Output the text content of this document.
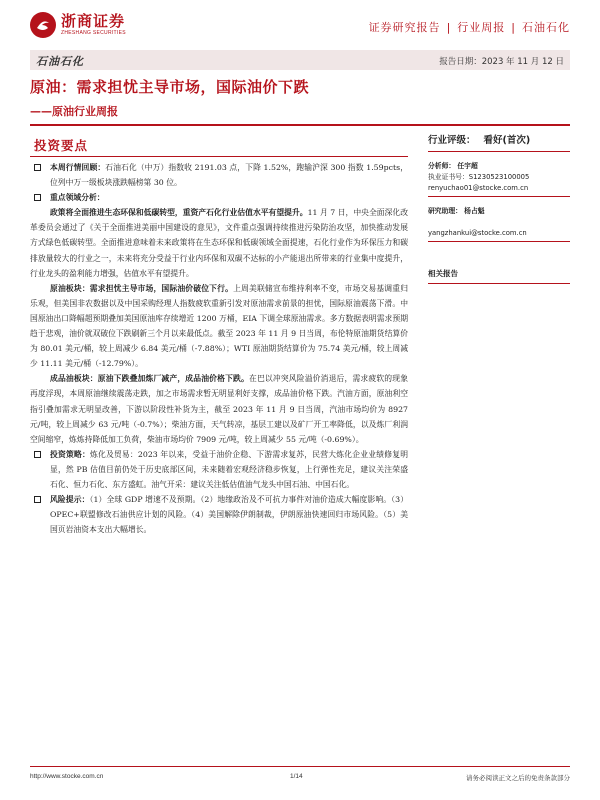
浙商证券
ZHESHANG SECURITIES	证券研究报告 | 行业周报 | 石油石化
石油石化	报告日期：2023 年 11 月 12 日
原油：需求担忧主导市场，国际油价下跌
——原油行业周报
投资要点
本周行情回顾：石油石化（中万）指数收 2191.03 点，下降 1.52%，跑输沪深 300 指数 1.59pcts，位列中万一级板块涨跌幅榜第 30 位。
重点领域分析：
政策将全面推进生态环保和低碳转型，重资产石化行业估值水平有望提升。11 月 7 日，中央全面深化改革委员会通过了《关于全面推进美丽中国建设的意见》，文件重点强调持续推进污染防治攻坚，加快推动发展方式绿色低碳转型。全面推进意味着未来政策将在生态环保和低碳领域全面提速，石化行业作为环保压力和碳排放量较大的行业之一，未来将充分受益于行业内环保和双碳不达标的小产能退出所带来的行业集中度提升，行业龙头的盈利能力增强，估值水平有望提升。
原油板块：需求担忧主导市场，国际油价破位下行。上周美联储宣布维持利率不变，市场交易基调重归乐观，但美国非农数据以及中国采购经理人指数疲软重新引发对原油需求前景的担忧，国际原油震荡下滑。中国原油出口降幅超预期叠加美国原油库存续增近 1200 万桶，EIA 下调全球原油需求。多方数据表明需求预期趋于悲观，油价就双破位下跌刷新三个月以来最低点。截至 2023 年 11 月 9 日当周，布伦特原油期货结算价为 80.01 美元/桶，较上周减少 6.84 美元/桶（-7.88%）；WTI 原油期货结算价为 75.74 美元/桶，较上周减少 11.11 美元/桶（-12.79%）。
成品油板块：原油下跌叠加炼厂减产，成品油价格下跌。在巴以冲突风险溢价消退后，需求疲软的现象再度浮现，本周原油继续震荡走跌，加之市场需求暂无明显利好支撑，成品油价格下跌。汽油方面，原油利空指引叠加需求无明显改善，下游以阶段性补货为主，截至 2023 年 11 月 9 日当周，汽油市场均价为 8927 元/吨，较上周减少 63 元/吨（-0.7%）；柴油方面，天气转凉，基层工建以及矿厂开工率降低，以及炼厂利润空间缩窄，炼炼持降低加工负荷，柴油市场均价 7909 元/吨，较上周减少 55 元/吨（-0.69%）。
投资策略：炼化及贸易：2023 年以来，受益于油价企稳、下游需求复苏，民营大炼化企业业绩修复明显，然 PB 估值目前仍处于历史底部区间，未来随着宏观经济稳步恢复，上行弹性充足，建议关注荣盛石化、恒力石化、东方盛虹。油气开采：建议关注低估值油气龙头中国石油、中国石化。
风险提示：（1）全球 GDP 增速不及预期。（2）地缘政治及不可抗力事件对油价造成大幅度影响。（3）OPEC+联盟修改石油供应计划的风险。（4）美国解除伊朗制裁，伊朗原油快速回归市场风险。（5）美国页岩油资本支出大幅增长。
行业评级： 看好(首次)
分析师： 任宇超
执业证书号：S1230523100005
renyuchao01@stocke.com.cn
研究助理： 杨占魁
yangzhankui@stocke.com.cn
相关报告
http://www.stocke.com.cn	1/14	请务必阅读正文之后的免责条款部分
